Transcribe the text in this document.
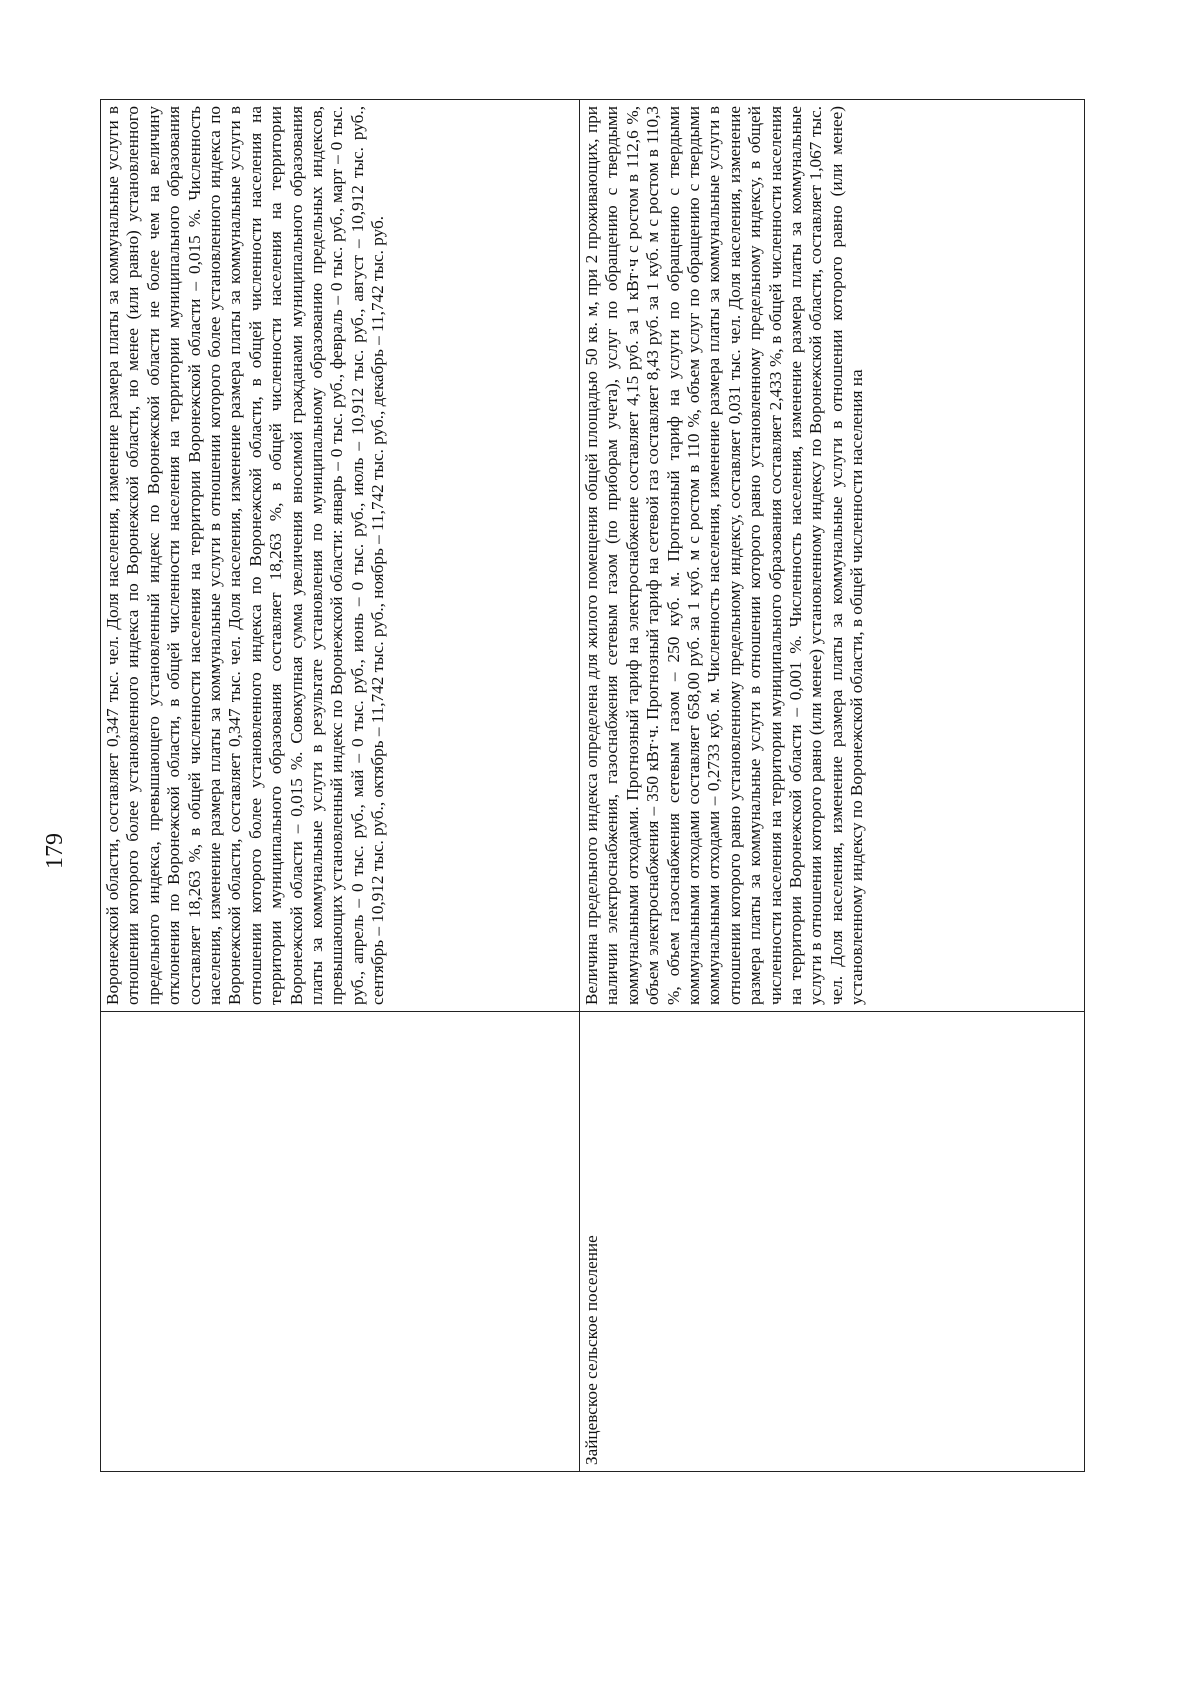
179
	Воронежской области, составляет 0,347 тыс. чел. Доля населения, изменение размера платы за коммунальные услуги в отношении которого более установленного индекса по Воронежской области, но менее (или равно) установленного предельного индекса, превышающего установленный индекс по Воронежской области не более чем на величину отклонения по Воронежской области, в общей численности населения на территории муниципального образования составляет 18,263 %, в общей численности населения на территории Воронежской области – 0,015 %. Численность населения, изменение размера платы за коммунальные услуги в отношении которого более установленного индекса по Воронежской области, составляет 0,347 тыс. чел. Доля населения, изменение размера платы за коммунальные услуги в отношении которого более установленного индекса по Воронежской области, в общей численности населения на территории муниципального образования составляет 18,263 %, в общей численности населения на территории Воронежской области – 0,015 %. Совокупная сумма увеличения вносимой гражданами муниципального образования платы за коммунальные услуги в результате установления по муниципальному образованию предельных индексов, превышающих установленный индекс по Воронежской области: январь – 0 тыс. руб., февраль – 0 тыс. руб., март – 0 тыс. руб., апрель – 0 тыс. руб., май – 0 тыс. руб., июнь – 0 тыс. руб., июль – 10,912 тыс. руб., август – 10,912 тыс. руб., сентябрь – 10,912 тыс. руб., октябрь – 11,742 тыс. руб., ноябрь – 11,742 тыс. руб., декабрь – 11,742 тыс. руб.
Зайцевское сельское поселение	Величина предельного индекса определена для жилого помещения общей площадью 50 кв. м, при 2 проживающих, при наличии электроснабжения, газоснабжения сетевым газом (по приборам учета), услуг по обращению с твердыми коммунальными отходами. Прогнозный тариф на электроснабжение составляет 4,15 руб. за 1 кВт·ч с ростом в 112,6 %, объем электроснабжения – 350 кВт·ч. Прогнозный тариф на сетевой газ составляет 8,43 руб. за 1 куб. м с ростом в 110,3 %, объем газоснабжения сетевым газом – 250 куб. м. Прогнозный тариф на услуги по обращению с твердыми коммунальными отходами составляет 658,00 руб. за 1 куб. м с ростом в 110 %, объем услуг по обращению с твердыми коммунальными отходами – 0,2733 куб. м. Численность населения, изменение размера платы за коммунальные услуги в отношении которого равно установленному предельному индексу, составляет 0,031 тыс. чел. Доля населения, изменение размера платы за коммунальные услуги в отношении которого равно установленному предельному индексу, в общей численности населения на территории муниципального образования составляет 2,433 %, в общей численности населения на территории Воронежской области – 0,001 %. Численность населения, изменение размера платы за коммунальные услуги в отношении которого равно (или менее) установленному индексу по Воронежской области, составляет 1,067 тыс. чел. Доля населения, изменение размера платы за коммунальные услуги в отношении которого равно (или менее) установленному индексу по Воронежской области, в общей численности населения на
